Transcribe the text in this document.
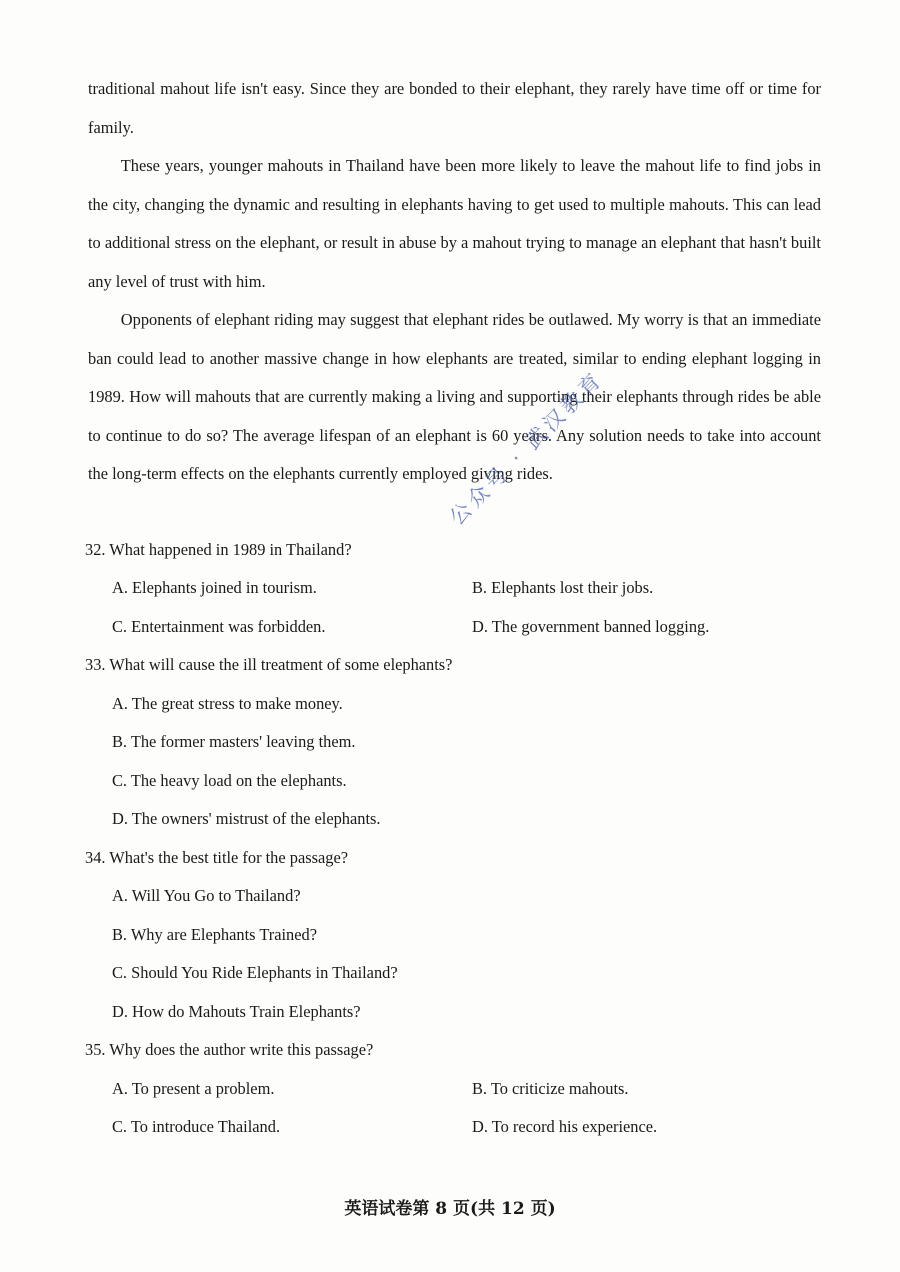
traditional mahout life isn't easy. Since they are bonded to their elephant, they rarely have time off or time for family.

These years, younger mahouts in Thailand have been more likely to leave the mahout life to find jobs in the city, changing the dynamic and resulting in elephants having to get used to multiple mahouts. This can lead to additional stress on the elephant, or result in abuse by a mahout trying to manage an elephant that hasn't built any level of trust with him.

Opponents of elephant riding may suggest that elephant rides be outlawed. My worry is that an immediate ban could lead to another massive change in how elephants are treated, similar to ending elephant logging in 1989. How will mahouts that are currently making a living and supporting their elephants through rides be able to continue to do so? The average lifespan of an elephant is 60 years. Any solution needs to take into account the long-term effects on the elephants currently employed giving rides.

32. What happened in 1989 in Thailand?
A. Elephants joined in tourism.	B. Elephants lost their jobs.
C. Entertainment was forbidden.	D. The government banned logging.
33. What will cause the ill treatment of some elephants?
A. The great stress to make money.
B. The former masters' leaving them.
C. The heavy load on the elephants.
D. The owners' mistrust of the elephants.
34. What's the best title for the passage?
A. Will You Go to Thailand?
B. Why are Elephants Trained?
C. Should You Ride Elephants in Thailand?
D. How do Mahouts Train Elephants?
35. Why does the author write this passage?
A. To present a problem.	B. To criticize mahouts.
C. To introduce Thailand.	D. To record his experience.
公众号 · 武汉教育
英语试卷第 8 页(共 12 页)
